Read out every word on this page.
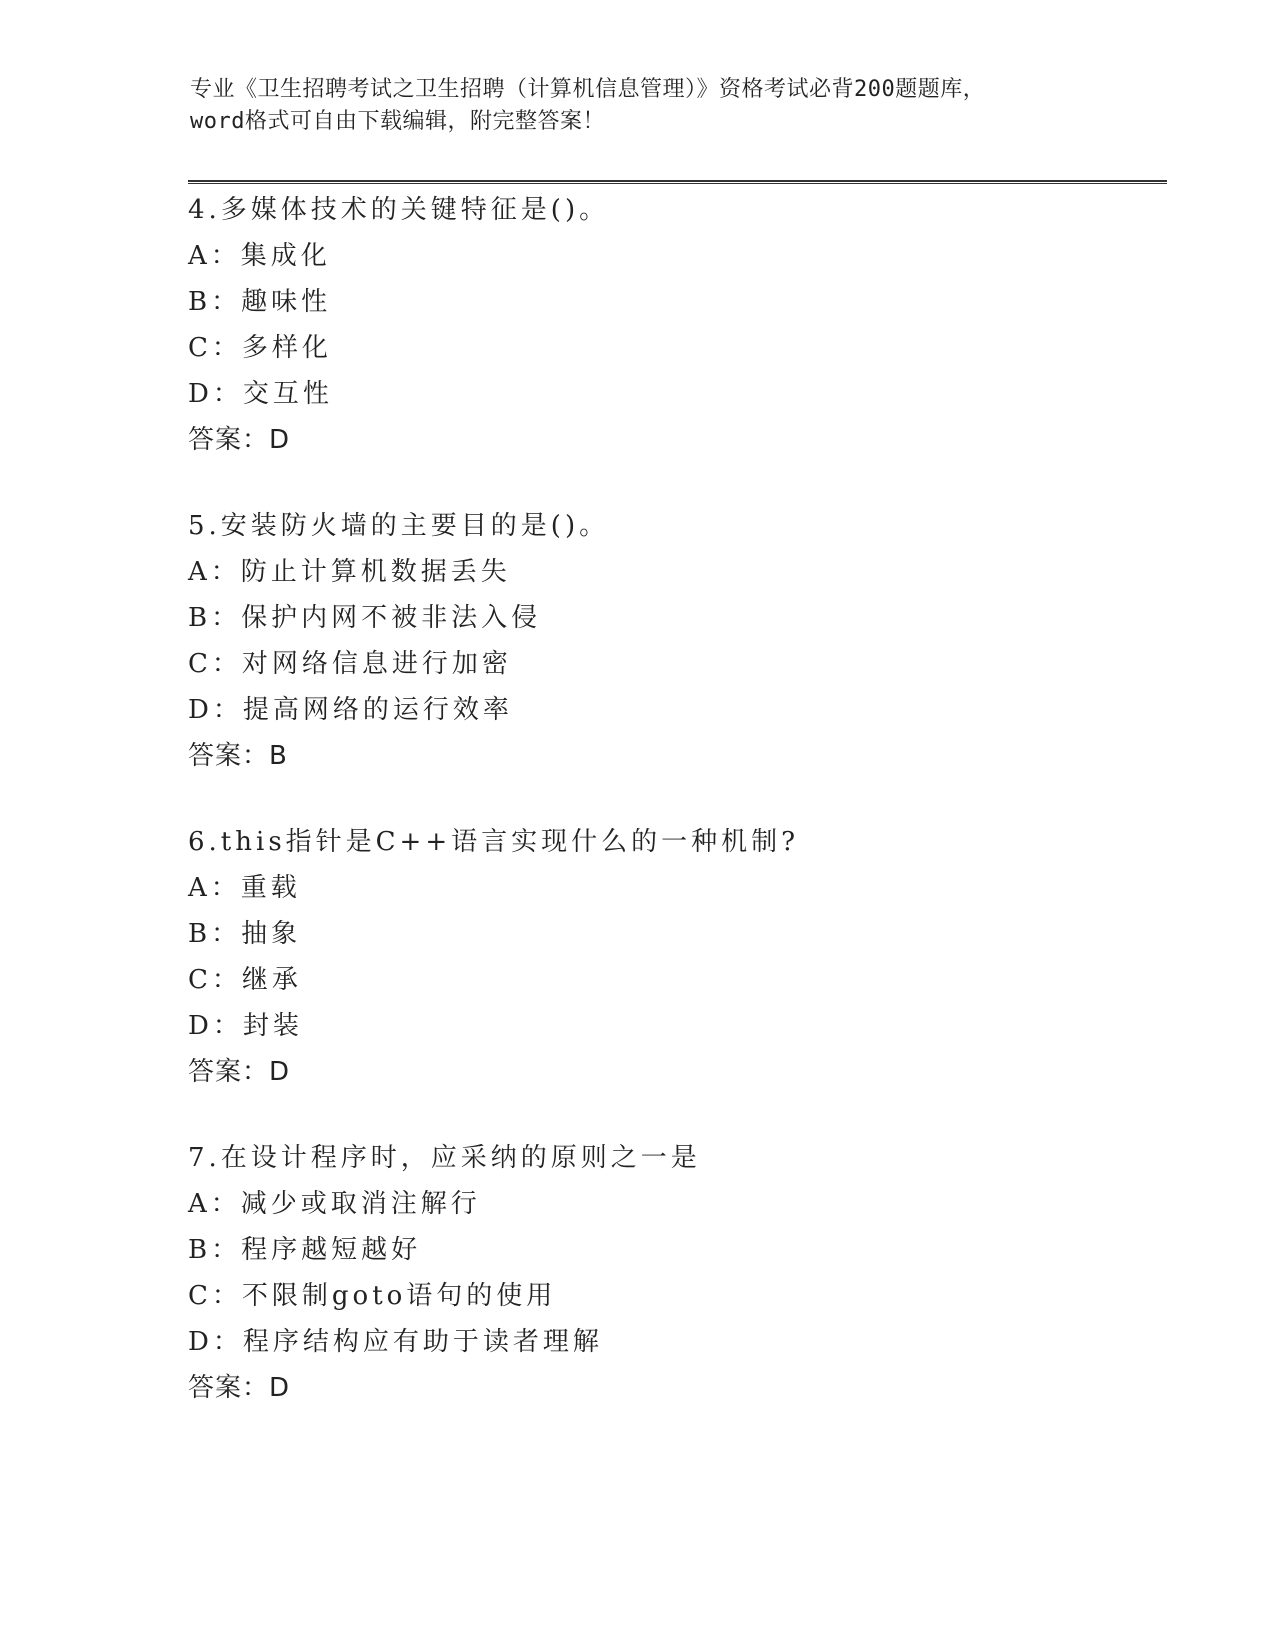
专业《卫生招聘考试之卫生招聘（计算机信息管理）》资格考试必背200题题库，
word格式可自由下载编辑，附完整答案！
4.多媒体技术的关键特征是()。
A：集成化
B：趣味性
C：多样化
D：交互性
答案：D
5.安装防火墙的主要目的是()。
A：防止计算机数据丢失
B：保护内网不被非法入侵
C：对网络信息进行加密
D：提高网络的运行效率
答案：B
6.this指针是C++语言实现什么的一种机制?
A：重载
B：抽象
C：继承
D：封装
答案：D
7.在设计程序时，应采纳的原则之一是
A：减少或取消注解行
B：程序越短越好
C：不限制goto语句的使用
D：程序结构应有助于读者理解
答案：D
